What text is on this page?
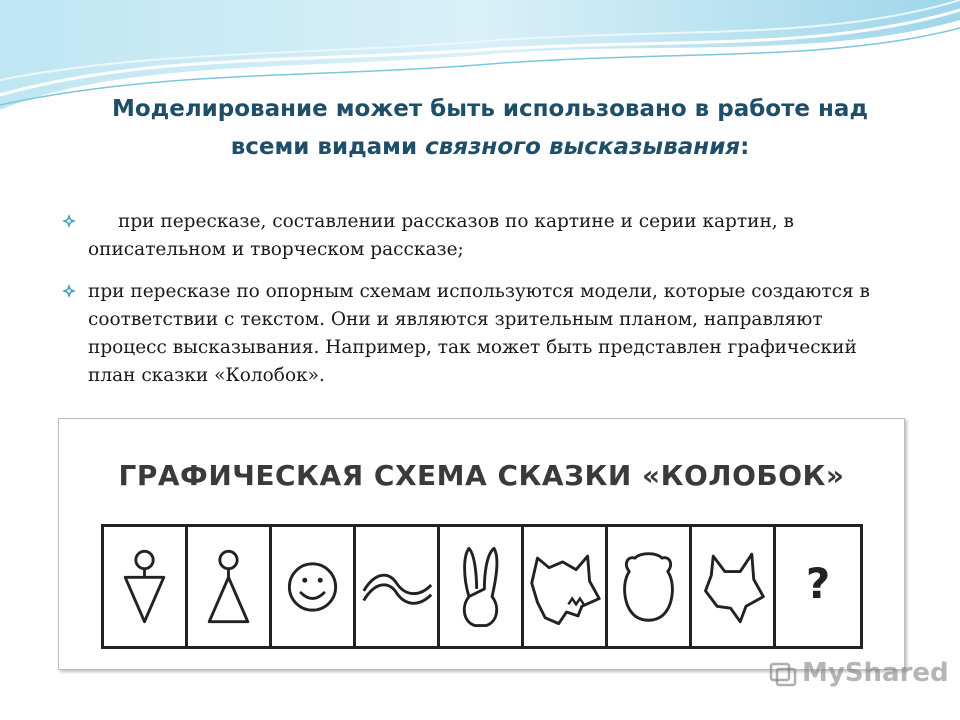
Моделирование может быть использовано в работе над
всеми видами связного высказывания:
при пересказе, составлении рассказов по картине и серии картин, в описательном и творческом рассказе;
при пересказе по опорным схемам используются модели, которые создаются в соответствии с текстом. Они и являются зрительным планом, направляют процесс высказывания. Например, так может быть представлен графический план сказки «Колобок».
ГРАФИЧЕСКАЯ СХЕМА СКАЗКИ «КОЛОБОК»
?
MyShared
